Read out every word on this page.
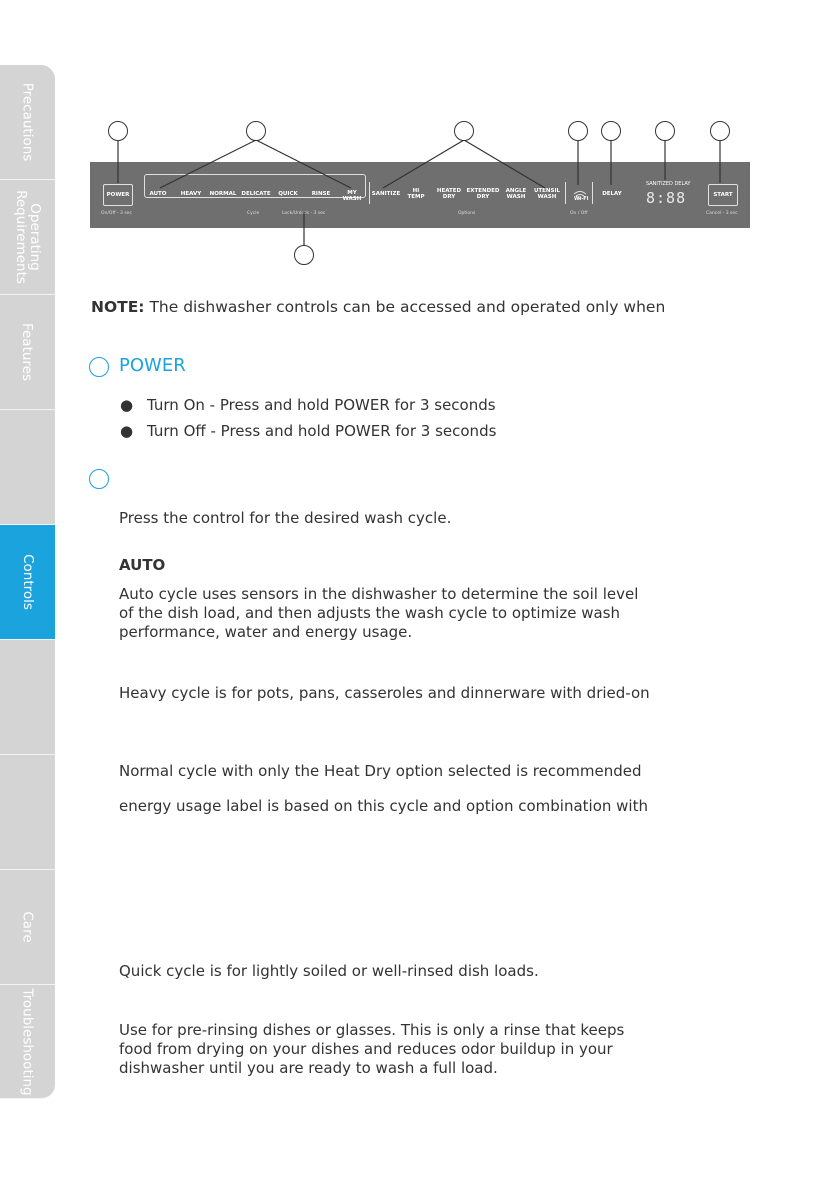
Precautions
Operating
Requirements
Features
Controls
Care
Troubleshooting
POWER
On/Off - 3 sec
AUTO	HEAVY	NORMAL DELICATE	QUICK	RINSE	MY
WASH
Cycle	Lock/Unlock - 3 sec
SANITIZE	HI
TEMP
HEATED
DRY
EXTENDED
DRY
ANGLE
WASH
UTENSIL
WASH
Options
Wi-Fi
On / Off
DELAY
SANITIZED DELAY
8:88	START
Cancel - 3 sec
NOTE: The dishwasher controls can be accessed and operated only when
POWER
● Turn On - Press and hold POWER for 3 seconds
● Turn Off - Press and hold POWER for 3 seconds
Press the control for the desired wash cycle.
AUTO
Auto cycle uses sensors in the dishwasher to determine the soil level
of the dish load, and then adjusts the wash cycle to optimize wash
performance, water and energy usage.
Heavy cycle is for pots, pans, casseroles and dinnerware with dried-on
Normal cycle with only the Heat Dry option selected is recommended
energy usage label is based on this cycle and option combination with
Quick cycle is for lightly soiled or well-rinsed dish loads.
Use for pre-rinsing dishes or glasses. This is only a rinse that keeps
food from drying on your dishes and reduces odor buildup in your
dishwasher until you are ready to wash a full load.
